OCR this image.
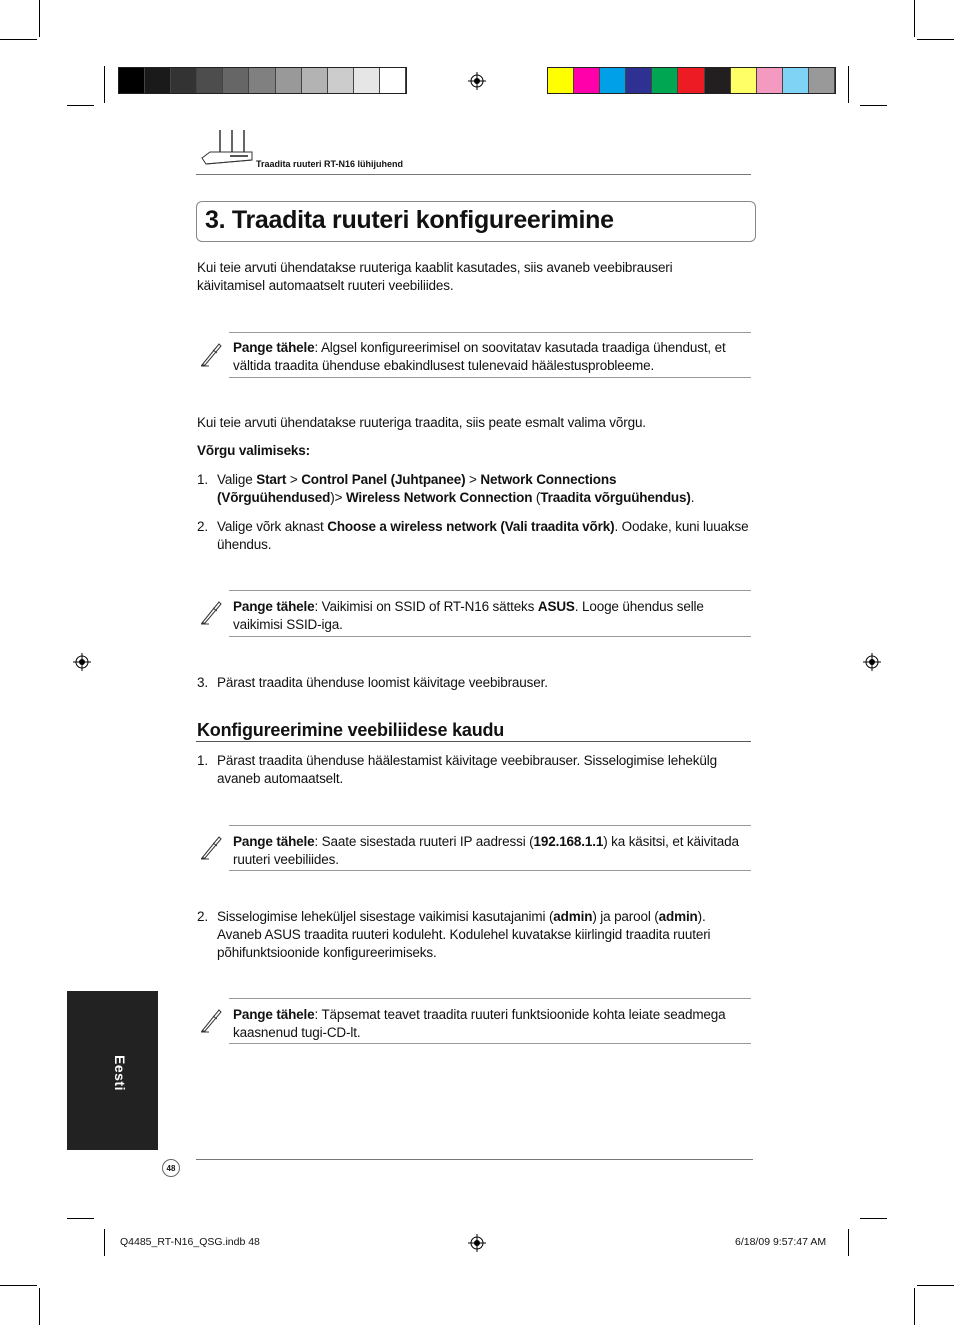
Traadita ruuteri RT-N16 lühijuhend
3. Traadita ruuteri konfigureerimine

Kui teie arvuti ühendatakse ruuteriga kaablit kasutades, siis avaneb veebibrauseri käivitamisel automaatselt ruuteri veebiliides.

Pange tähele: Algsel konfigureerimisel on soovitatav kasutada traadiga ühendust, et vältida traadita ühenduse ebakindlusest tulenevaid häälestusprobleeme.

Kui teie arvuti ühendatakse ruuteriga traadita, siis peate esmalt valima võrgu.

Võrgu valimiseks:

1. Valige Start > Control Panel (Juhtpanee) > Network Connections
(Võrguühendused)> Wireless Network Connection (Traadita võrguühendus).

2. Valige võrk aknast Choose a wireless network (Vali traadita võrk). Oodake, kuni luuakse
ühendus.

Pange tähele: Vaikimisi on SSID of RT-N16 sätteks ASUS. Looge ühendus selle vaikimisi SSID-iga.

3. Pärast traadita ühenduse loomist käivitage veebibrauser.

Konfigureerimine veebiliidese kaudu

1. Pärast traadita ühenduse häälestamist käivitage veebibrauser. Sisselogimise lehekülg
avaneb automaatselt.

Pange tähele: Saate sisestada ruuteri IP aadressi (192.168.1.1) ka käsitsi, et käivitada ruuteri veebiliides.

2. Sisselogimise leheküljel sisestage vaikimisi kasutajanimi (admin) ja parool (admin).
Avaneb ASUS traadita ruuteri koduleht. Kodulehel kuvatakse kiirlingid traadita ruuteri
põhifunktsioonide konfigureerimiseks.

Pange tähele: Täpsemat teavet traadita ruuteri funktsioonide kohta leiate seadmega kaasnenud tugi-CD-lt.

Eesti
48
Q4485_RT-N16_QSG.indb 48	6/18/09 9:57:47 AM
